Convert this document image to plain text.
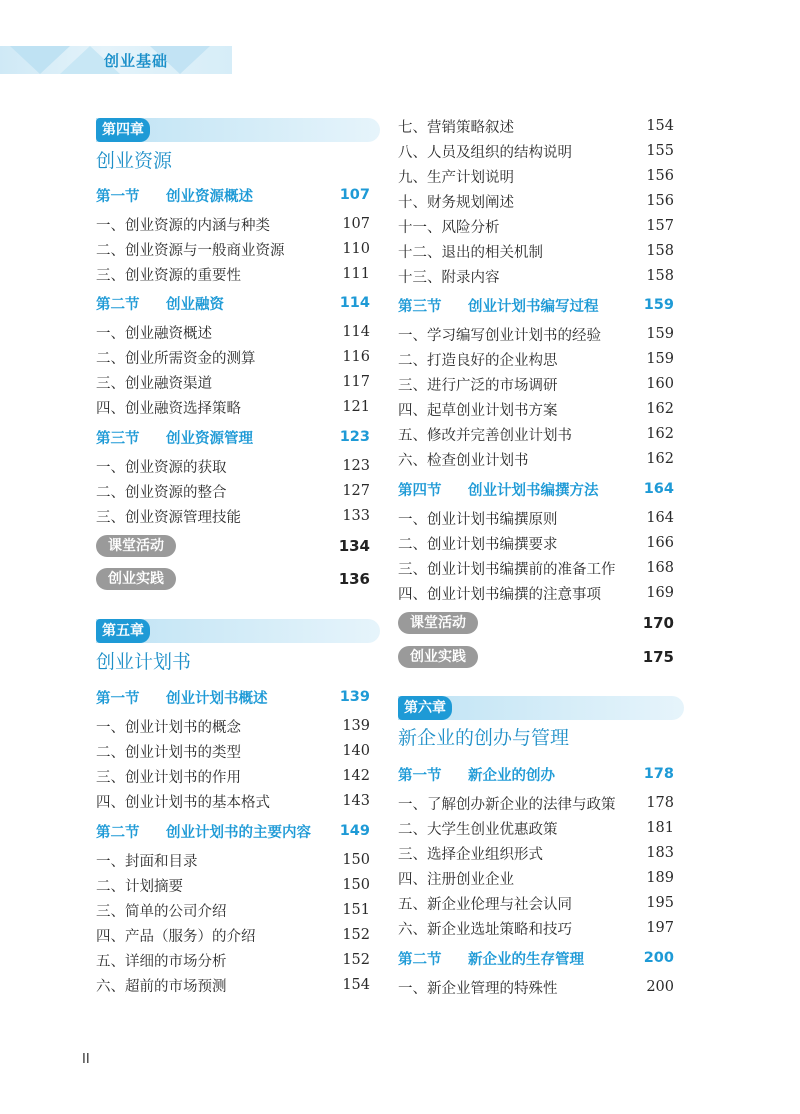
创业基础
第四章
创业资源
第一节	创业资源概述	107
一、创业资源的内涵与种类	107
二、创业资源与一般商业资源	110
三、创业资源的重要性	111
第二节	创业融资	114
一、创业融资概述	114
二、创业所需资金的测算	116
三、创业融资渠道	117
四、创业融资选择策略	121
第三节	创业资源管理	123
一、创业资源的获取	123
二、创业资源的整合	127
三、创业资源管理技能	133
课堂活动	134
创业实践	136
第五章
创业计划书
第一节	创业计划书概述	139
一、创业计划书的概念	139
二、创业计划书的类型	140
三、创业计划书的作用	142
四、创业计划书的基本格式	143
第二节	创业计划书的主要内容 149
一、封面和目录	150
二、计划摘要	150
三、简单的公司介绍	151
四、产品（服务）的介绍	152
五、详细的市场分析	152
六、超前的市场预测	154
七、营销策略叙述	154
八、人员及组织的结构说明	155
九、生产计划说明	156
十、财务规划阐述	156
十一、风险分析	157
十二、退出的相关机制	158
十三、附录内容	158
第三节	创业计划书编写过程	159
一、学习编写创业计划书的经验	159
二、打造良好的企业构思	159
三、进行广泛的市场调研	160
四、起草创业计划书方案	162
五、修改并完善创业计划书	162
六、检查创业计划书	162
第四节	创业计划书编撰方法	164
一、创业计划书编撰原则	164
二、创业计划书编撰要求	166
三、创业计划书编撰前的准备工作 168
四、创业计划书编撰的注意事项	169
课堂活动	170
创业实践	175
第六章
新企业的创办与管理
第一节	新企业的创办	178
一、了解创办新企业的法律与政策 178
二、大学生创业优惠政策	181
三、选择企业组织形式	183
四、注册创业企业	189
五、新企业伦理与社会认同	195
六、新企业选址策略和技巧	197
第二节	新企业的生存管理	200
一、新企业管理的特殊性	200
II
